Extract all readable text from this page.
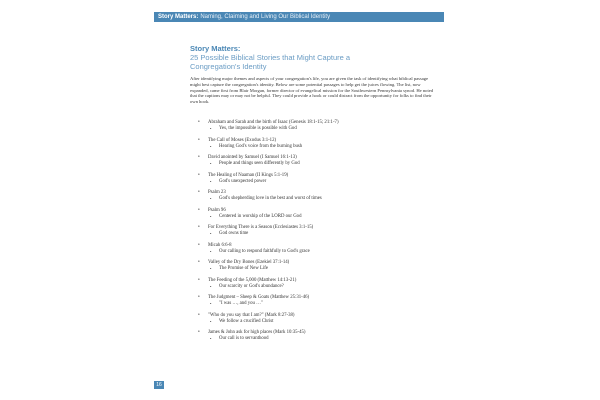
Story Matters: Naming, Claiming and Living Our Biblical Identity
Story Matters:
25 Possible Biblical Stories that Might Capture a
Congregation's Identity
After identifying major themes and aspects of your congregation's life, you are given the task of identifying what biblical passage might best capture the congregation's identity. Below are some potential passages to help get the juices flowing. The list, now expanded, came first from Blair Morgan, former director of evangelical mission for the Southwestern Pennsylvania synod. He noted that the captions may or may not be helpful. They could provide a hook or could distract from the opportunity for folks to find their own hook.
• Abraham and Sarah and the birth of Isaac (Genesis 18:1-15; 21:1-7)
• Yes, the impossible is possible with God
• The Call of Moses (Exodus 3:1-12)
• Hearing God's voice from the burning bush
• David anointed by Samuel (I Samuel 16:1-13)
• People and things seen differently by God
• The Healing of Naaman (II Kings 5:1-19)
• God's unexpected power
• Psalm 23
• God's shepherding love in the best and worst of times
• Psalm 96
• Centered in worship of the LORD our God
• For Everything There is a Season (Ecclesiastes 3:1-15)
• God owns time
• Micah 6:6-8
• Our calling to respond faithfully to God's grace
• Valley of the Dry Bones (Ezekiel 37:1-14)
• The Promise of New Life
• The Feeding of the 5,000 (Matthew 14:13-21)
• Our scarcity or God's abundance?
• The Judgment – Sheep & Goats (Matthew 25:31-46)
• "I was …, and you …"
• "Who do you say that I am?" (Mark 8:27-38)
• We follow a crucified Christ
• James & John ask for high places (Mark 10:35-45)
• Our call is to servanthood
16
